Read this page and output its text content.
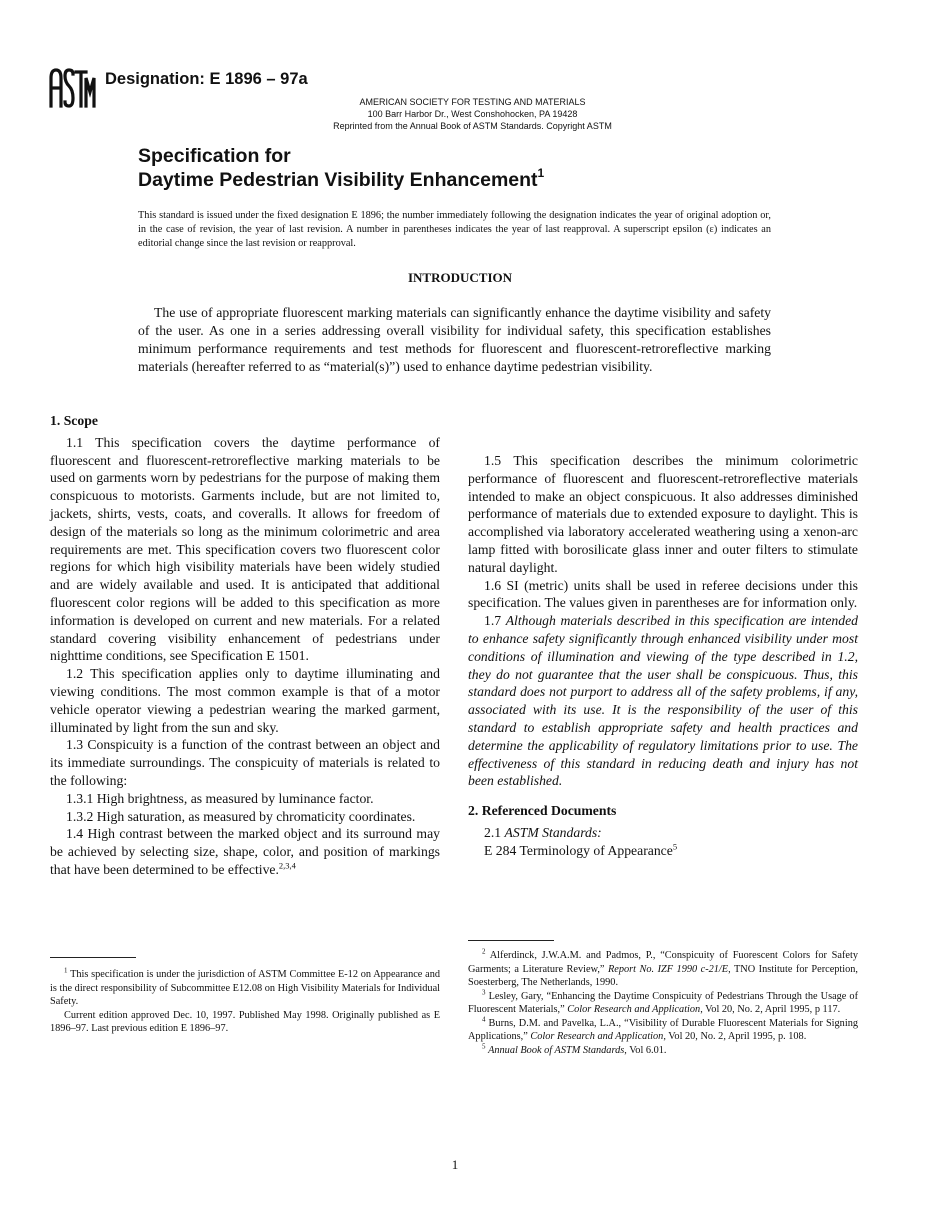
ASTM
Designation: E 1896 – 97a
AMERICAN SOCIETY FOR TESTING AND MATERIALS
100 Barr Harbor Dr., West Conshohocken, PA 19428
Reprinted from the Annual Book of ASTM Standards. Copyright ASTM
Specification for
Daytime Pedestrian Visibility Enhancement$^1$
This standard is issued under the fixed designation E 1896; the number immediately following the designation indicates the year of original adoption or, in the case of revision, the year of last revision. A number in parentheses indicates the year of last reapproval. A superscript epsilon (ε) indicates an editorial change since the last revision or reapproval.
INTRODUCTION
The use of appropriate fluorescent marking materials can significantly enhance the daytime visibility and safety of the user. As one in a series addressing overall visibility for individual safety, this specification establishes minimum performance requirements and test methods for fluorescent and fluorescent-retroreflective marking materials (hereafter referred to as “material(s)”) used to enhance daytime pedestrian visibility.
1. Scope

1.1 This specification covers the daytime performance of fluorescent and fluorescent-retroreflective marking materials to be used on garments worn by pedestrians for the purpose of making them conspicuous to motorists. Garments include, but are not limited to, jackets, shirts, vests, coats, and coveralls. It allows for freedom of design of the materials so long as the minimum colorimetric and area requirements are met. This specification covers two fluorescent color regions for which high visibility materials have been widely studied and are widely available and used. It is anticipated that additional fluorescent color regions will be added to this specification as more information is developed on current and new materials. For a related standard covering visibility enhancement of pedestrians under nighttime conditions, see Specification E 1501.

1.2 This specification applies only to daytime illuminating and viewing conditions. The most common example is that of a motor vehicle operator viewing a pedestrian wearing the marked garment, illuminated by light from the sun and sky.

1.3 Conspicuity is a function of the contrast between an object and its immediate surroundings. The conspicuity of materials is related to the following:

1.3.1 High brightness, as measured by luminance factor.

1.3.2 High saturation, as measured by chromaticity coordinates.

1.4 High contrast between the marked object and its surround may be achieved by selecting size, shape, color, and position of markings that have been determined to be effective.$^{2,3,4}$

1.5 This specification describes the minimum colorimetric performance of fluorescent and fluorescent-retroreflective materials intended to make an object conspicuous. It also addresses diminished performance of materials due to extended exposure to daylight. This is accomplished via laboratory accelerated weathering using a xenon-arc lamp fitted with borosilicate glass inner and outer filters to stimulate natural daylight.

1.6 SI (metric) units shall be used in referee decisions under this specification. The values given in parentheses are for information only.

1.7 Although materials described in this specification are intended to enhance safety significantly through enhanced visibility under most conditions of illumination and viewing of the type described in 1.2, they do not guarantee that the user shall be conspicuous. Thus, this standard does not purport to address all of the safety problems, if any, associated with its use. It is the responsibility of the user of this standard to establish appropriate safety and health practices and determine the applicability of regulatory limitations prior to use. The effectiveness of this standard in reducing death and injury has not been established.

2. Referenced Documents

2.1 ASTM Standards:

E 284 Terminology of Appearance$^5$

$^1$ This specification is under the jurisdiction of ASTM Committee E-12 on Appearance and is the direct responsibility of Subcommittee E12.08 on High Visibility Materials for Individual Safety.

Current edition approved Dec. 10, 1997. Published May 1998. Originally published as E 1896–97. Last previous edition E 1896–97.

$^2$ Alferdinck, J.W.A.M. and Padmos, P., “Conspicuity of Fuorescent Colors for Safety Garments; a Literature Review,” Report No. IZF 1990 c-21/E, TNO Institute for Perception, Soesterberg, The Netherlands, 1990.

$^3$ Lesley, Gary, “Enhancing the Daytime Conspicuity of Pedestrians Through the Usage of Fluorescent Materials,” Color Research and Application, Vol 20, No. 2, April 1995, p 117.

$^4$ Burns, D.M. and Pavelka, L.A., “Visibility of Durable Fluorescent Materials for Signing Applications,” Color Research and Application, Vol 20, No. 2, April 1995, p. 108.

$^5$ Annual Book of ASTM Standards, Vol 6.01.

1
